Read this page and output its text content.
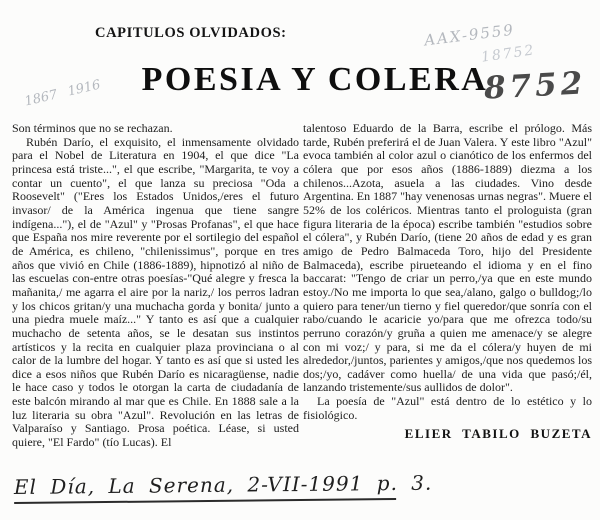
CAPITULOS OLVIDADOS:
POESIA Y COLERA
AAX-9559
18752
8752
1867 1916

Son términos que no se rechazan.

Rubén Darío, el exquisito, el inmensamente olvidado para el Nobel de Literatura en 1904, el que dice "La princesa está triste...", el que escribe, "Margarita, te voy a contar un cuento", el que lanza su preciosa "Oda a Roosevelt" ("Eres los Estados Unidos,/eres el futuro invasor/ de la América ingenua que tiene sangre indígena..."), el de "Azul" y "Prosas Profanas", el que hace que España nos mire reverente por el sortilegio del español de América, es chileno, "chilenissimus", porque en tres años que vivió en Chile (1886-1889), hipnotizó al niño de las escuelas con-entre otras poesías-"Qué alegre y fresca la mañanita,/ me agarra el aire por la nariz,/ los perros ladran y los chicos gritan/y una muchacha gorda y bonita/ junto a una piedra muele maíz..." Y tanto es así que a cualquier muchacho de setenta años, se le desatan sus instintos artísticos y la recita en cualquier plaza provinciana o al calor de la lumbre del hogar. Y tanto es así que si usted les dice a esos niños que Rubén Darío es nicaragüense, nadie le hace caso y todos le otorgan la carta de ciudadanía de este balcón mirando al mar que es Chile. En 1888 sale a la luz literaria su obra "Azul". Revolución en las letras de Valparaíso y Santiago. Prosa poética. Léase, si usted quiere, "El Fardo" (tío Lucas). El

talentoso Eduardo de la Barra, escribe el prólogo. Más tarde, Rubén preferirá el de Juan Valera. Y este libro "Azul" evoca también al color azul o cianótico de los enfermos del cólera que por esos años (1886-1889) diezma a los chilenos...Azota, asuela a las ciudades. Vino desde Argentina. En 1887 "hay venenosas urnas negras". Muere el 52% de los coléricos. Mientras tanto el prologuista (gran figura literaria de la época) escribe también "estudios sobre el cólera", y Rubén Darío, (tiene 20 años de edad y es gran amigo de Pedro Balmaceda Toro, hijo del Presidente Balmaceda), escribe pirueteando el idioma y en el fino baccarat: "Tengo de criar un perro,/ya que en este mundo estoy./No me importa lo que sea,/alano, galgo o bulldog;/lo quiero para tener/un tierno y fiel queredor/que sonría con el rabo/cuando le acaricie yo/para que me ofrezca todo/su perruno corazón/y gruña a quien me amenace/y se alegre con mi voz;/ y para, si me da el cólera/y huyen de mi alrededor,/juntos, parientes y amigos,/que nos quedemos los dos;/yo, cadáver como huella/ de una vida que pasó;/él, lanzando tristemente/sus aullidos de dolor".

La poesía de "Azul" está dentro de lo estético y lo fisiológico.

ELIER TABILO BUZETA
El Día, La Serena, 2-VII-1991 p. 3.
